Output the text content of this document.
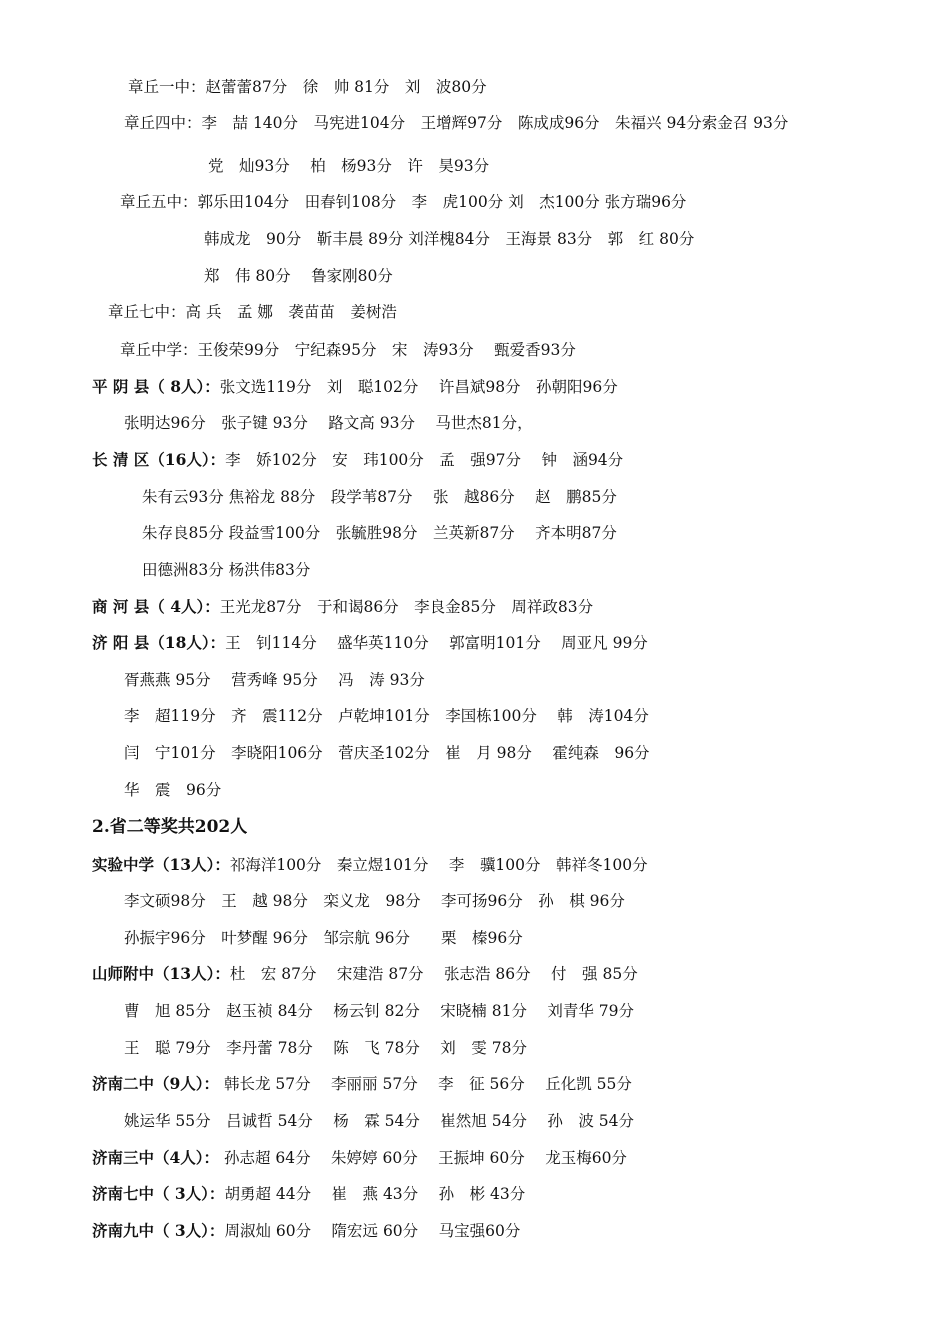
章丘一中：赵蕾蕾87分　徐　帅 81分　刘　波80分
章丘四中：李　喆 140分　马宪进104分　王增辉97分　陈成成96分　朱福兴 94分索金召 93分
党　灿93分　 柏　杨93分　许　昊93分
章丘五中：郭乐田104分　田春钊108分　李　虎100分 刘　杰100分 张方瑞96分
韩成龙　90分　靳丰晨 89分 刘洋槐84分　王海景 83分　郭　红 80分
郑　伟 80分　 鲁家刚80分
章丘七中：高 兵　孟 娜　袭苗苗　姜树浩
章丘中学：王俊荣99分　宁纪森95分　宋　涛93分　 甄爱香93分
平 阴 县（ 8人）：张文选119分　刘　聪102分　 许昌斌98分　孙朝阳96分
张明达96分　张子键 93分　 路文高 93分　 马世杰81分，
长 清 区（16人）：李　娇102分　安　玮100分　孟　强97分　 钟　涵94分
朱有云93分 焦裕龙 88分　段学苇87分　 张　越86分　 赵　鹏85分
朱存良85分 段益雪100分　张毓胜98分　兰英新87分　 齐本明87分
田德洲83分 杨洪伟83分
商 河 县（ 4人）：王光龙87分　于和谒86分　李良金85分　周祥政83分
济 阳 县（18人）：王　钊114分　 盛华英110分　 郭富明101分　 周亚凡 99分
胥燕燕 95分　 营秀峰 95分　 冯　涛 93分
李　超119分　齐　震112分　卢乾坤101分　李国栋100分　 韩　涛104分
闫　宁101分　李晓阳106分　菅庆圣102分　崔　月 98分　 霍纯森　96分
华　震　96分
2.省二等奖共202人
实验中学（13人）：祁海洋100分　秦立煜101分　 李　骥100分　韩祥冬100分
李文硕98分　王　越 98分　栾义龙　98分　 李可扬96分　孙　棋 96分
孙振宇96分　叶梦醒 96分　邹宗航 96分　　栗　榛96分
山师附中（13人）：杜　宏 87分　 宋建浩 87分　 张志浩 86分　 付　强 85分
曹　旭 85分　赵玉祯 84分　 杨云钊 82分　 宋晓楠 81分　 刘青华 79分
王　聪 79分　李丹蕾 78分　 陈　飞 78分　 刘　雯 78分
济南二中（9人）： 韩长龙 57分　 李丽丽 57分　 李　征 56分　 丘化凯 55分
姚运华 55分　吕诚哲 54分　 杨　霖 54分　 崔然旭 54分　 孙　波 54分
济南三中（4人）： 孙志超 64分　 朱婷婷 60分　 王振坤 60分　 龙玉梅60分
济南七中（ 3人）：胡勇超 44分　 崔　燕 43分　 孙　彬 43分
济南九中（ 3人）：周淑灿 60分　 隋宏远 60分　 马宝强60分
